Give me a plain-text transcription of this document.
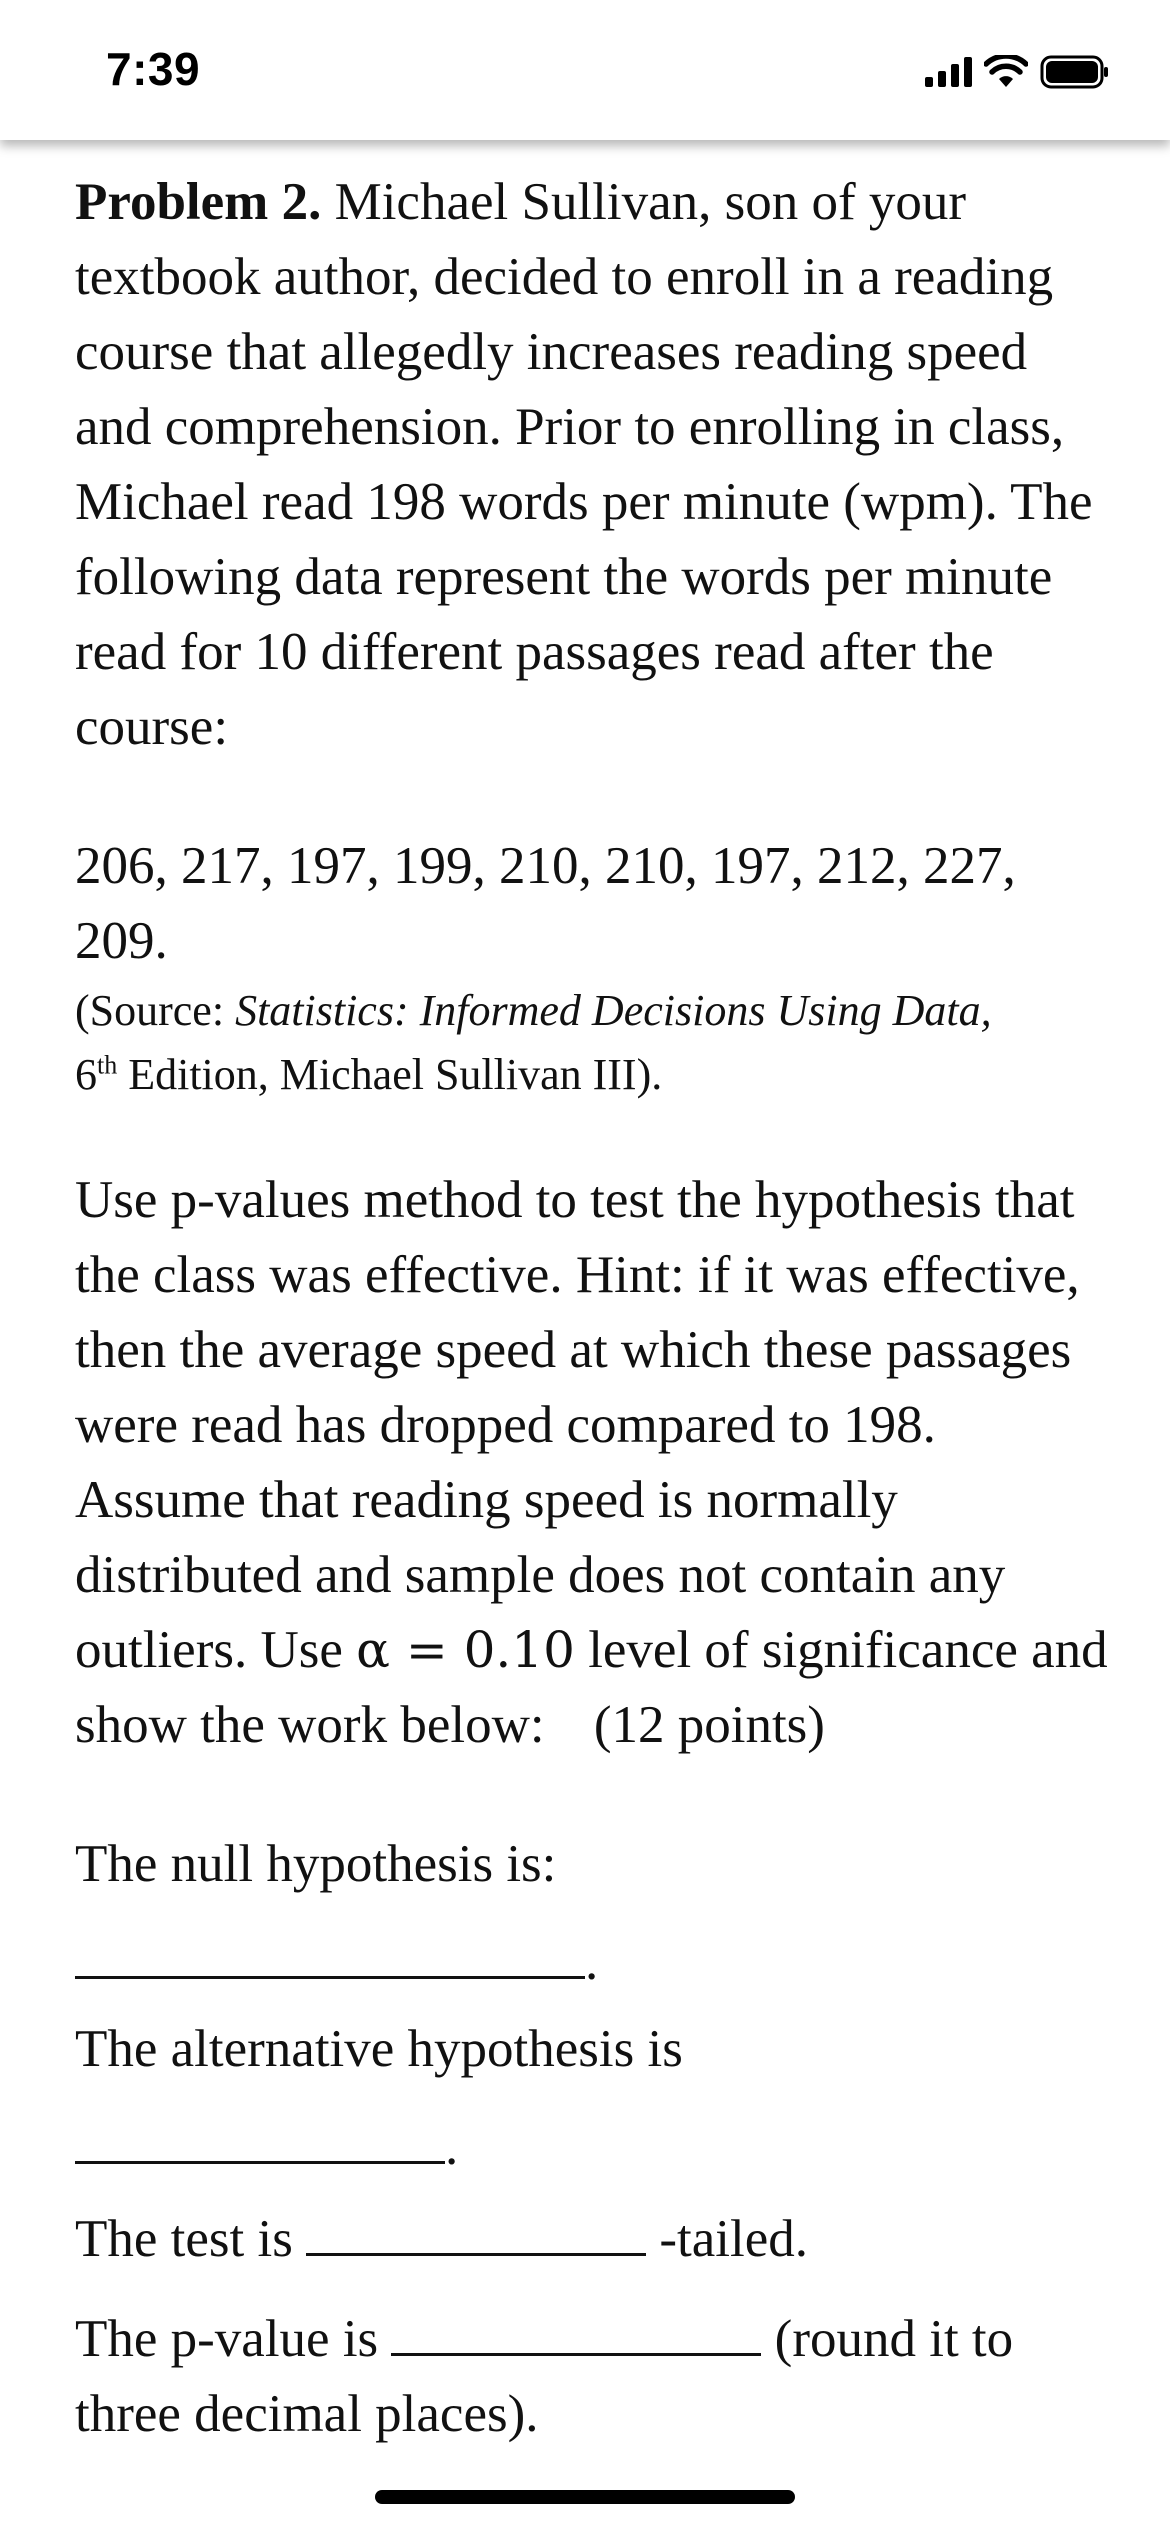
7:39

Problem 2. Michael Sullivan, son of your textbook author, decided to enroll in a reading course that allegedly increases reading speed and comprehension. Prior to enrolling in class, Michael read 198 words per minute (wpm). The following data represent the words per minute read for 10 different passages read after the course:

206, 217, 197, 199, 210, 210, 197, 212, 227, 209.

(Source: Statistics: Informed Decisions Using Data,
6th Edition, Michael Sullivan III).

Use p-values method to test the hypothesis that the class was effective. Hint: if it was effective, then the average speed at which these passages were read has dropped compared to 198. Assume that reading speed is normally distributed and sample does not contain any outliers. Use α = 0.10 level of significance and show the work below: (12 points)

The null hypothesis is:

.

The alternative hypothesis is

.

The test is	-tailed.

The p-value is	(round it to three decimal places).
